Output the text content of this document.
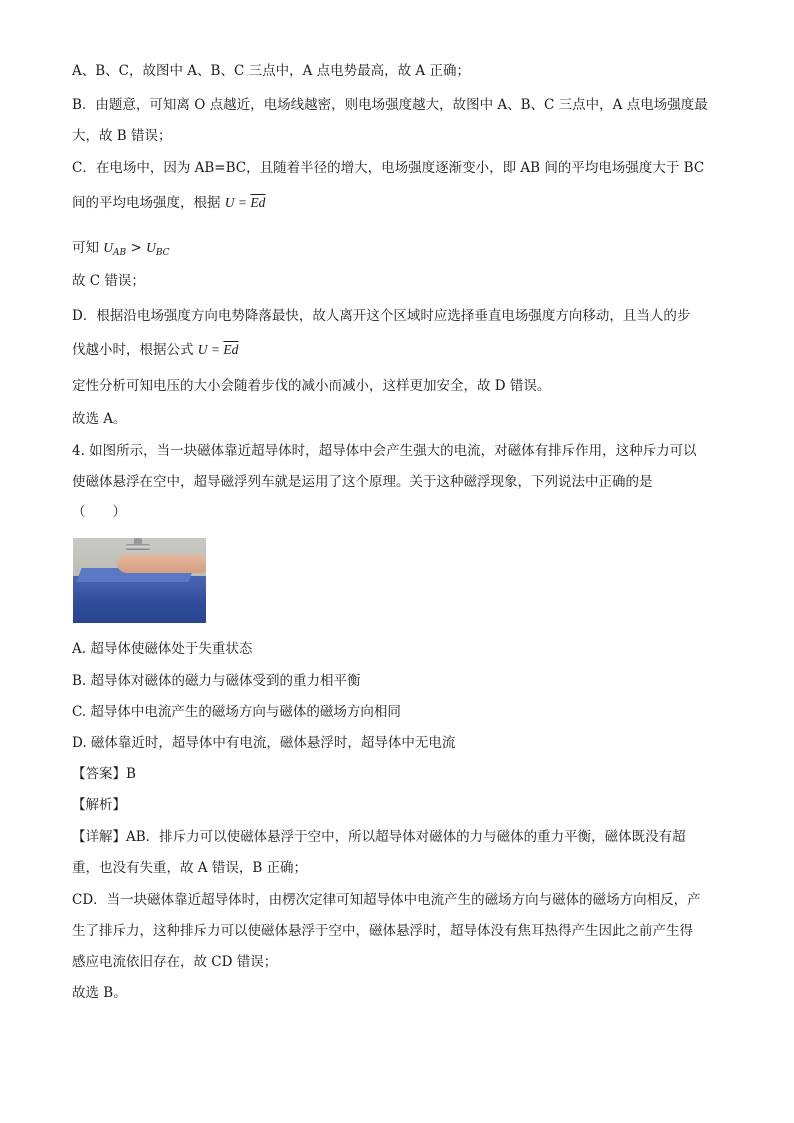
A、B、C，故图中 A、B、C 三点中，A 点电势最高，故 A 正确；
B．由题意，可知离 O 点越近，电场线越密，则电场强度越大，故图中 A、B、C 三点中，A 点电场强度最
大，故 B 错误；
C．在电场中，因为 AB=BC，且随着半径的增大，电场强度逐渐变小，即 AB 间的平均电场强度大于 BC
间的平均电场强度，根据 $U = \overline{Ed}$
可知 $U_{AB} > U_{BC}$
故 C 错误；
D．根据沿电场强度方向电势降落最快，故人离开这个区域时应选择垂直电场强度方向移动，且当人的步
伐越小时，根据公式 $U = \overline{Ed}$
定性分析可知电压的大小会随着步伐的减小而减小，这样更加安全，故 D 错误。
故选 A。
4. 如图所示，当一块磁体靠近超导体时，超导体中会产生强大的电流，对磁体有排斥作用，这种斥力可以
使磁体悬浮在空中，超导磁浮列车就是运用了这个原理。关于这种磁浮现象，下列说法中正确的是
（　　）
A. 超导体使磁体处于失重状态
B. 超导体对磁体的磁力与磁体受到的重力相平衡
C. 超导体中电流产生的磁场方向与磁体的磁场方向相同
D. 磁体靠近时，超导体中有电流，磁体悬浮时，超导体中无电流
【答案】B
【解析】
【详解】AB．排斥力可以使磁体悬浮于空中，所以超导体对磁体的力与磁体的重力平衡，磁体既没有超
重，也没有失重，故 A 错误，B 正确；
CD．当一块磁体靠近超导体时，由楞次定律可知超导体中电流产生的磁场方向与磁体的磁场方向相反，产
生了排斥力，这种排斥力可以使磁体悬浮于空中，磁体悬浮时，超导体没有焦耳热得产生因此之前产生得
感应电流依旧存在，故 CD 错误；
故选 B。
